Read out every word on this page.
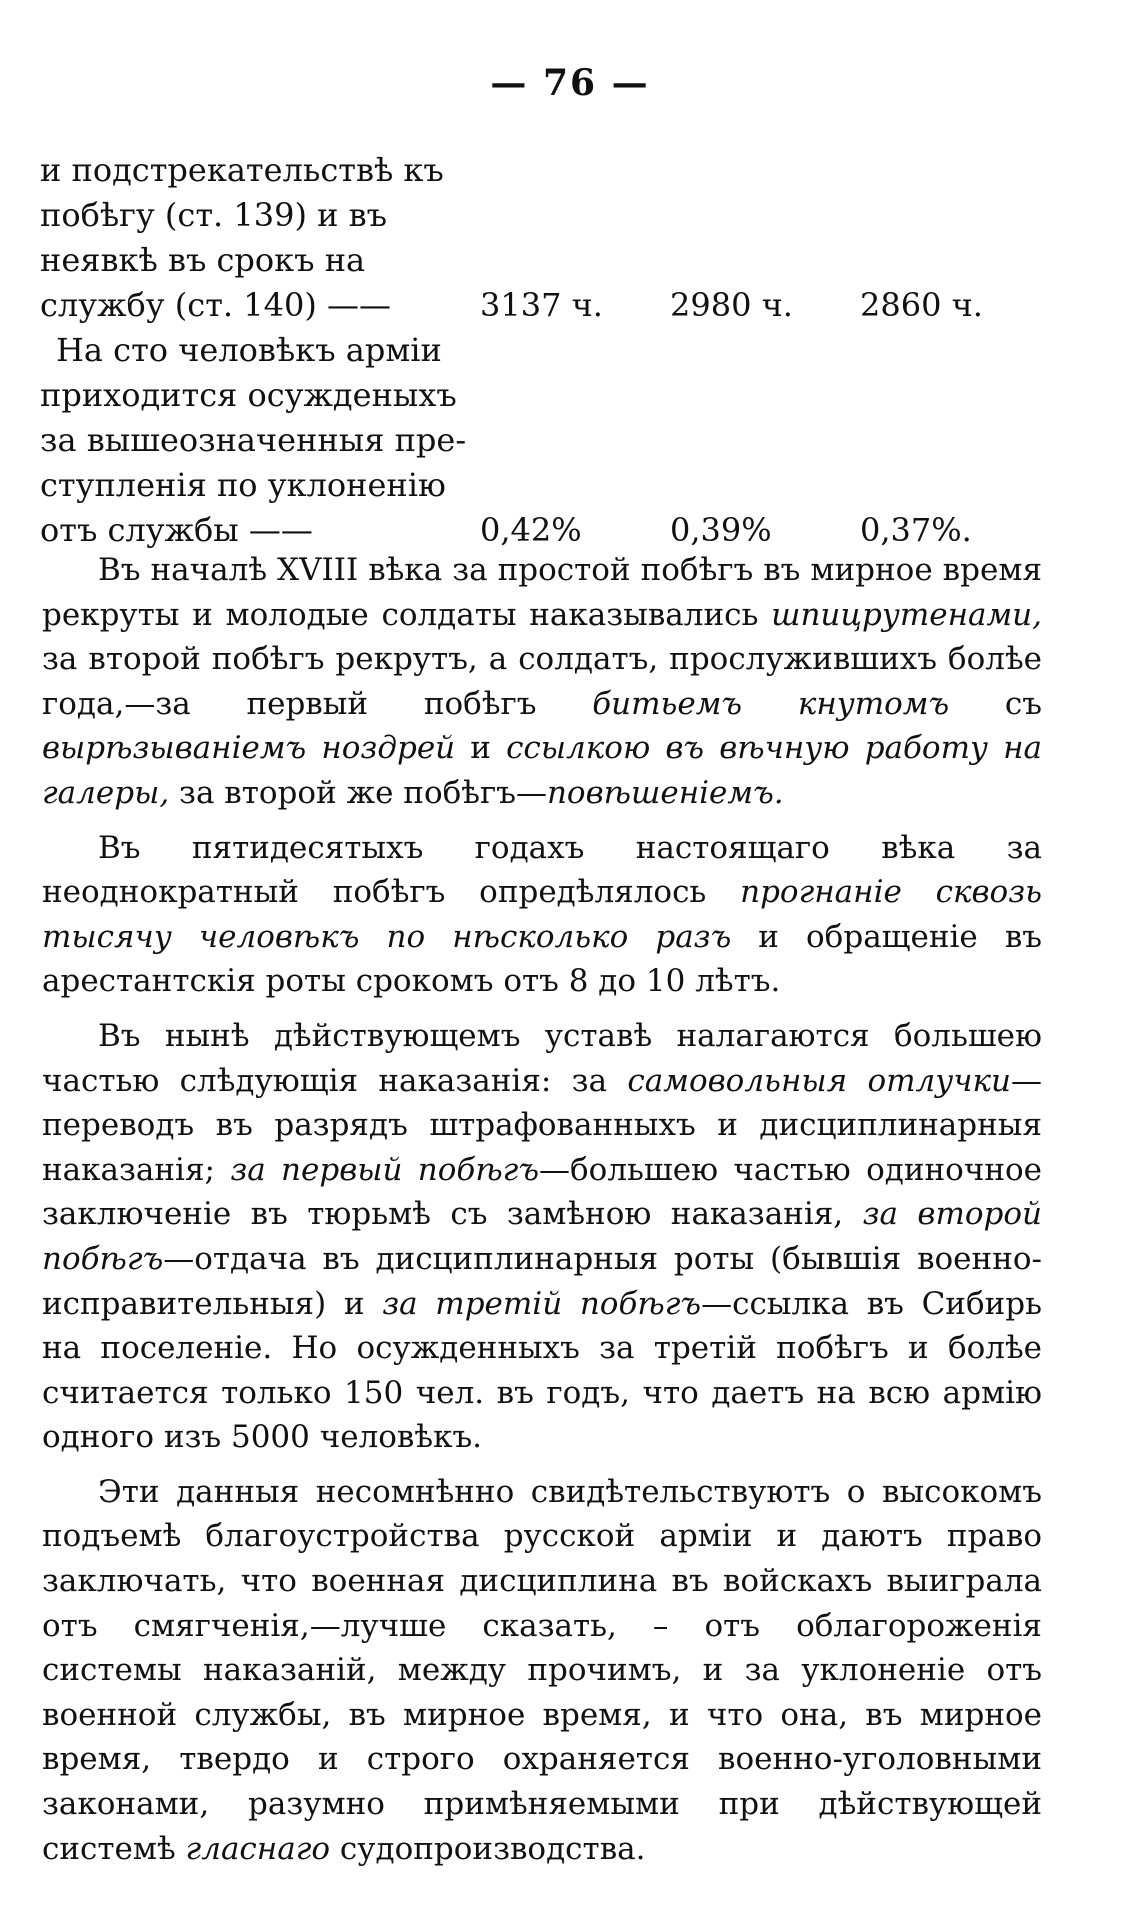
— 76 —
и подстрекательствѣ къ
побѣгу (ст. 139) и въ
неявкѣ въ срокъ на
службу (ст. 140) ——	3137 ч. 2980 ч. 2860 ч.
На сто человѣкъ арміи
приходится осужденыхъ
за вышеозначенныя пре-
ступленія по уклоненію
отъ службы ——	0,42%	0,39%	0,37%.

Въ началѣ XVIII вѣка за простой побѣгъ въ мирное время рекруты и молодые солдаты наказывались шпицрутенами, за второй побѣгъ рекрутъ, а солдатъ, прослужившихъ болѣе года,—за первый побѣгъ битьемъ кнутомъ съ вырѣзываніемъ ноздрей и ссылкою въ вѣчную работу на галеры, за второй же побѣгъ—повѣшеніемъ.

Въ пятидесятыхъ годахъ настоящаго вѣка за неоднократный побѣгъ опредѣлялось прогнаніе сквозь тысячу человѣкъ по нѣсколько разъ и обращеніе въ арестантскія роты срокомъ отъ 8 до 10 лѣтъ.

Въ нынѣ дѣйствующемъ уставѣ налагаются большею частью слѣдующія наказанія: за самовольныя отлучки—переводъ въ разрядъ штрафованныхъ и дисциплинарныя наказанія; за первый побѣгъ—большею частью одиночное заключеніе въ тюрьмѣ съ замѣною наказанія, за второй побѣгъ—отдача въ дисциплинарныя роты (бывшія военно-исправительныя) и за третій побѣгъ—ссылка въ Сибирь на поселеніе. Но осужденныхъ за третій побѣгъ и болѣе считается только 150 чел. въ годъ, что даетъ на всю армію одного изъ 5000 человѣкъ.

Эти данныя несомнѣнно свидѣтельствуютъ о высокомъ подъемѣ благоустройства русской арміи и даютъ право заключать, что военная дисциплина въ войскахъ выиграла отъ смягченія,—лучше сказать, – отъ облагороженія системы наказаній, между прочимъ, и за уклоненіе отъ военной службы, въ мирное время, и что она, въ мирное время, твердо и строго охраняется военно-уголовными законами, разумно примѣняемыми при дѣйствующей системѣ гласнаго судопроизводства.
